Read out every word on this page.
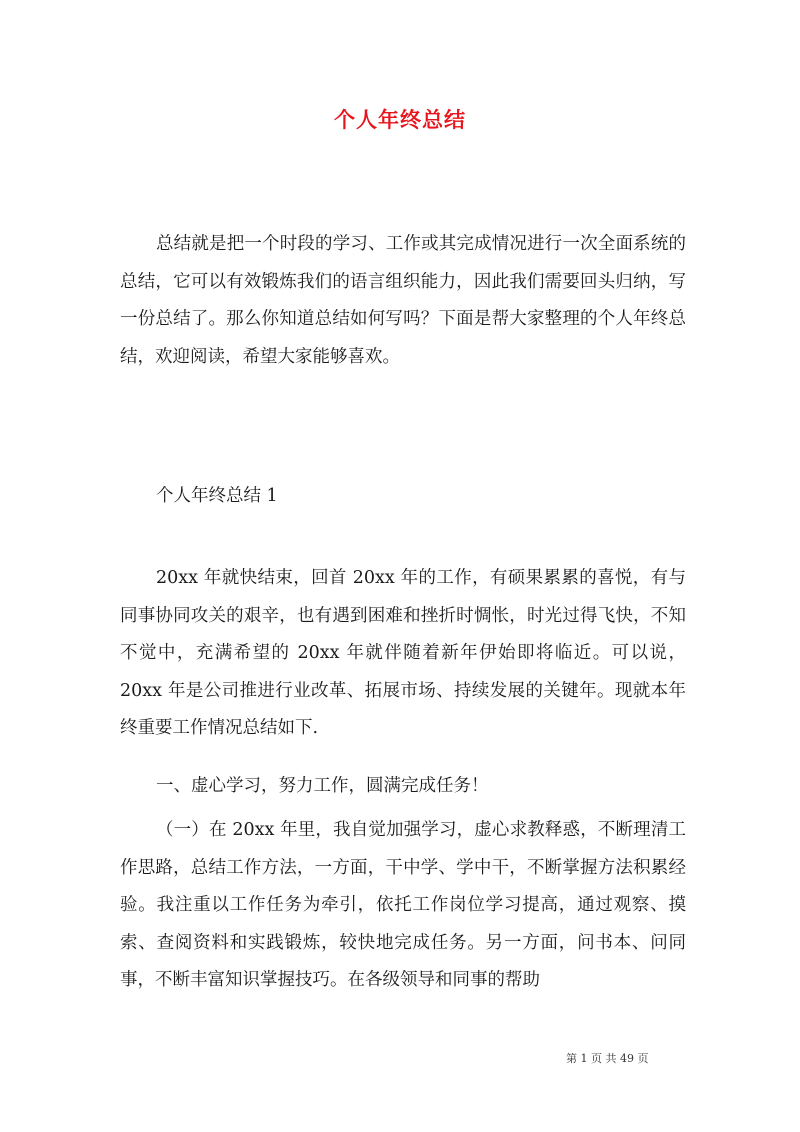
个人年终总结
总结就是把一个时段的学习、工作或其完成情况进行一次全面系统的总结，它可以有效锻炼我们的语言组织能力，因此我们需要回头归纳，写一份总结了。那么你知道总结如何写吗？下面是帮大家整理的个人年终总结，欢迎阅读，希望大家能够喜欢。
个人年终总结 1
20xx 年就快结束，回首 20xx 年的工作，有硕果累累的喜悦，有与同事协同攻关的艰辛，也有遇到困难和挫折时惆怅，时光过得飞快，不知不觉中，充满希望的 20xx 年就伴随着新年伊始即将临近。可以说，20xx 年是公司推进行业改革、拓展市场、持续发展的关键年。现就本年终重要工作情况总结如下.
一、虚心学习，努力工作，圆满完成任务！
（一）在 20xx 年里，我自觉加强学习，虚心求教释惑，不断理清工作思路，总结工作方法，一方面，干中学、学中干，不断掌握方法积累经验。我注重以工作任务为牵引，依托工作岗位学习提高，通过观察、摸索、查阅资料和实践锻炼，较快地完成任务。另一方面，问书本、问同事，不断丰富知识掌握技巧。在各级领导和同事的帮助
第 1 页 共 49 页
